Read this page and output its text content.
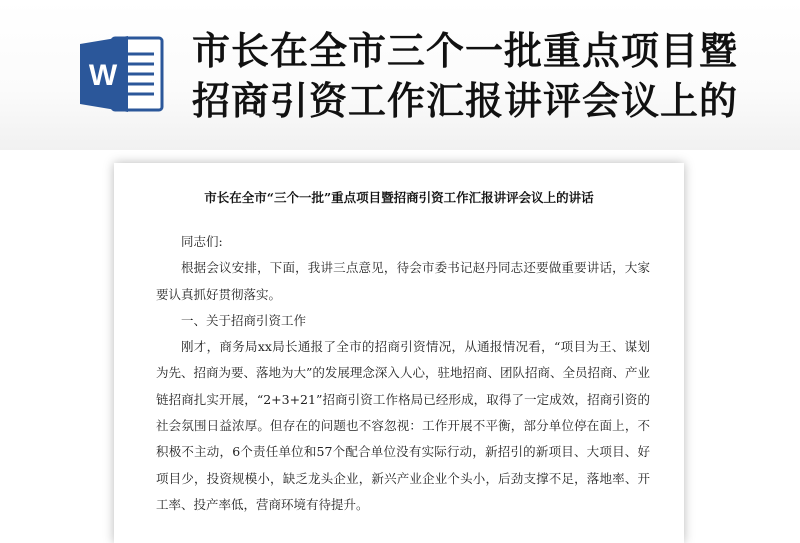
W
市长在全市三个一批重点项目暨
招商引资工作汇报讲评会议上的
市长在全市“三个一批”重点项目暨招商引资工作汇报讲评会议上的讲话

同志们:

根据会议安排，下面，我讲三点意见，待会市委书记赵丹同志还要做重要讲话，大家要认真抓好贯彻落实。

一、关于招商引资工作

刚才，商务局xx局长通报了全市的招商引资情况，从通报情况看，“项目为王、谋划为先、招商为要、落地为大”的发展理念深入人心，驻地招商、团队招商、全员招商、产业链招商扎实开展，“2+3+21”招商引资工作格局已经形成，取得了一定成效，招商引资的社会氛围日益浓厚。但存在的问题也不容忽视：工作开展不平衡，部分单位停在面上，不积极不主动，6个责任单位和57个配合单位没有实际行动，新招引的新项目、大项目、好项目少，投资规模小，缺乏龙头企业，新兴产业企业个头小，后劲支撑不足，落地率、开工率、投产率低，营商环境有待提升。
